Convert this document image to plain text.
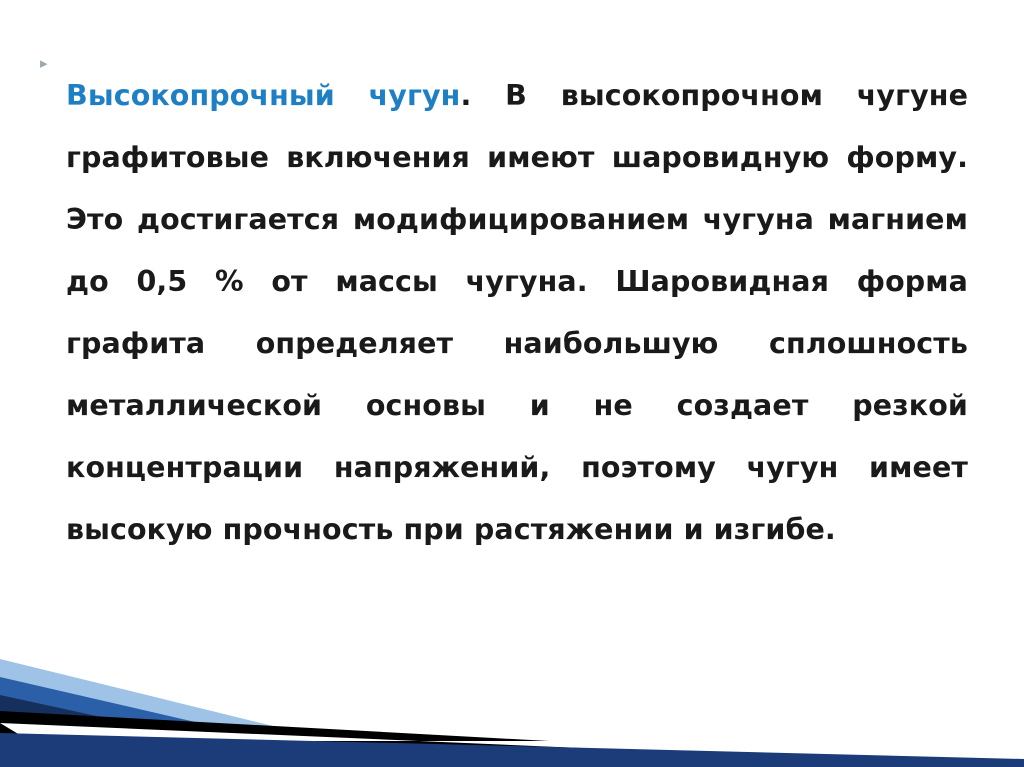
▸

Высокопрочный чугун. В высокопрочном чугуне графитовые включения имеют шаровидную форму. Это достигается модифицированием чугуна магнием до 0,5 % от массы чугуна. Шаровидная форма графита определяет наибольшую сплошность металлической основы и не создает резкой концентрации напряжений, поэтому чугун имеет высокую прочность при растяжении и изгибе.
